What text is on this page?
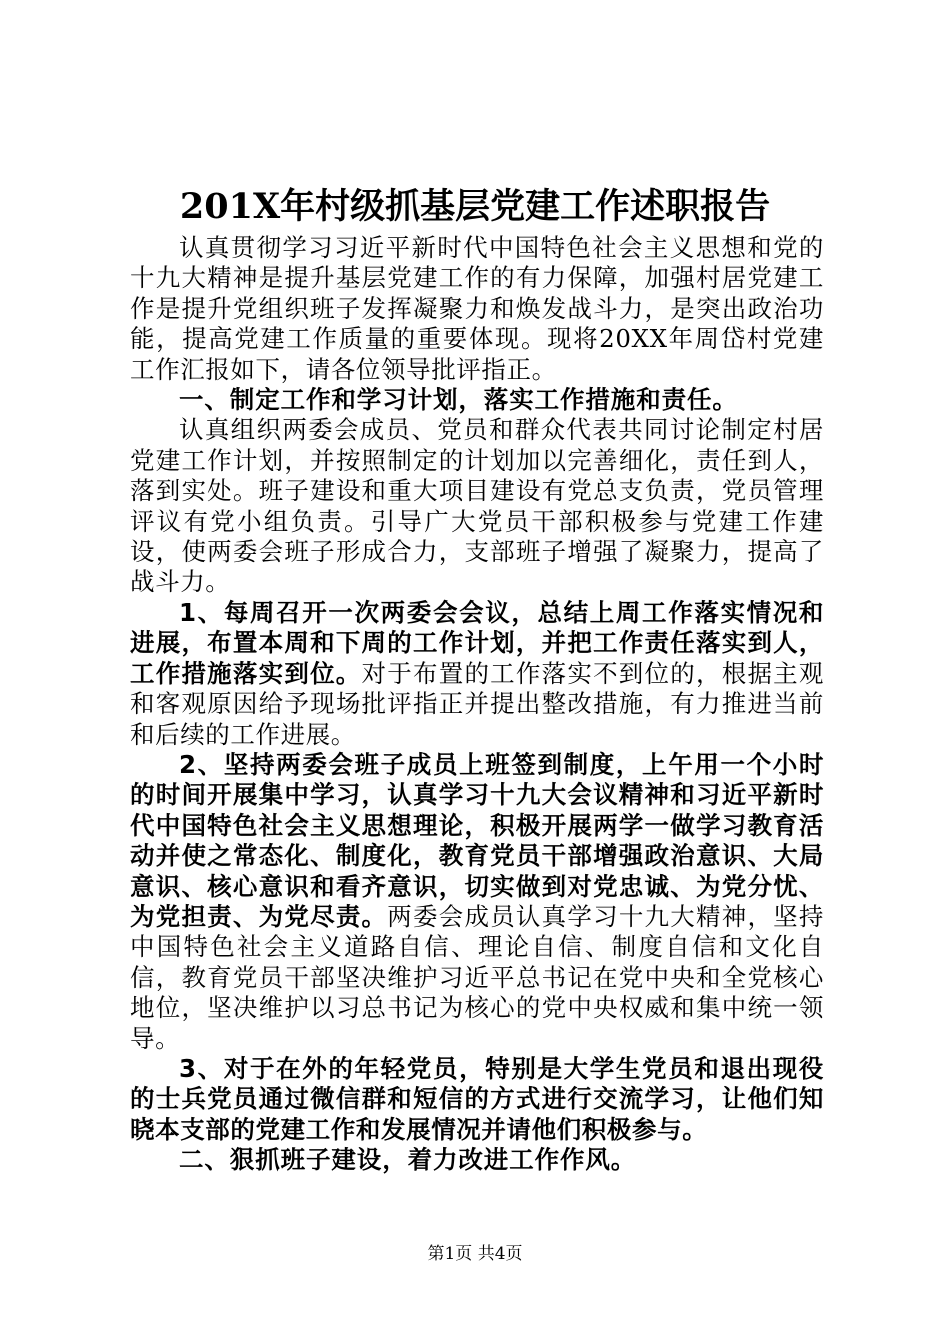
201X年村级抓基层党建工作述职报告

认真贯彻学习习近平新时代中国特色社会主义思想和党的十九大精神是提升基层党建工作的有力保障，加强村居党建工作是提升党组织班子发挥凝聚力和焕发战斗力，是突出政治功能，提高党建工作质量的重要体现。现将20XX年周岱村党建工作汇报如下，请各位领导批评指正。

一、制定工作和学习计划，落实工作措施和责任。

认真组织两委会成员、党员和群众代表共同讨论制定村居党建工作计划，并按照制定的计划加以完善细化，责任到人，落到实处。班子建设和重大项目建设有党总支负责，党员管理评议有党小组负责。引导广大党员干部积极参与党建工作建设，使两委会班子形成合力，支部班子增强了凝聚力，提高了战斗力。

1、每周召开一次两委会会议，总结上周工作落实情况和进展，布置本周和下周的工作计划，并把工作责任落实到人，工作措施落实到位。对于布置的工作落实不到位的，根据主观和客观原因给予现场批评指正并提出整改措施，有力推进当前和后续的工作进展。

2、坚持两委会班子成员上班签到制度，上午用一个小时的时间开展集中学习，认真学习十九大会议精神和习近平新时代中国特色社会主义思想理论，积极开展两学一做学习教育活动并使之常态化、制度化，教育党员干部增强政治意识、大局意识、核心意识和看齐意识，切实做到对党忠诚、为党分忧、为党担责、为党尽责。两委会成员认真学习十九大精神，坚持中国特色社会主义道路自信、理论自信、制度自信和文化自信，教育党员干部坚决维护习近平总书记在党中央和全党核心地位，坚决维护以习总书记为核心的党中央权威和集中统一领导。

3、对于在外的年轻党员，特别是大学生党员和退出现役的士兵党员通过微信群和短信的方式进行交流学习，让他们知晓本支部的党建工作和发展情况并请他们积极参与。

二、狠抓班子建设，着力改进工作作风。

第1页 共4页
